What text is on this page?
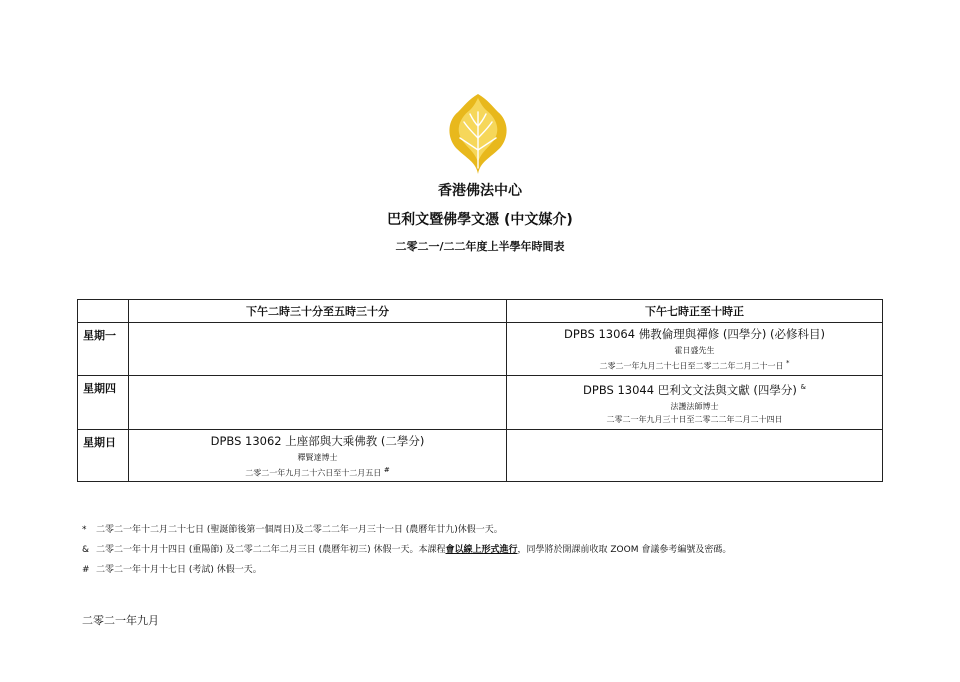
香港佛法中心
巴利文暨佛學文憑 (中文媒介)
二零二一/二二年度上半學年時間表
	下午二時三十分至五時三十分	下午七時正至十時正
星期一		DPBS 13064 佛教倫理與禪修 (四學分) (必修科目)
霍日盛先生
二零二一年九月二十七日至二零二二年二月二十一日 *

星期四		DPBS 13044 巴利文文法與文獻 (四學分) &
法護法師博士
二零二一年九月三十日至二零二二年二月二十四日

星期日	DPBS 13062 上座部與大乘佛教 (二學分)
釋賢達博士
二零二一年九月二十六日至十二月五日 #

* 二零二一年十二月二十七日 (聖誕節後第一個周日)及二零二二年一月三十一日 (農曆年廿九)休假一天。
& 二零二一年十月十四日 (重陽節) 及二零二二年二月三日 (農曆年初三) 休假一天。本課程會以線上形式進行，同學將於開課前收取 ZOOM 會議參考編號及密碼。
# 二零二一年十月十七日 (考試) 休假一天。
二零二一年九月
